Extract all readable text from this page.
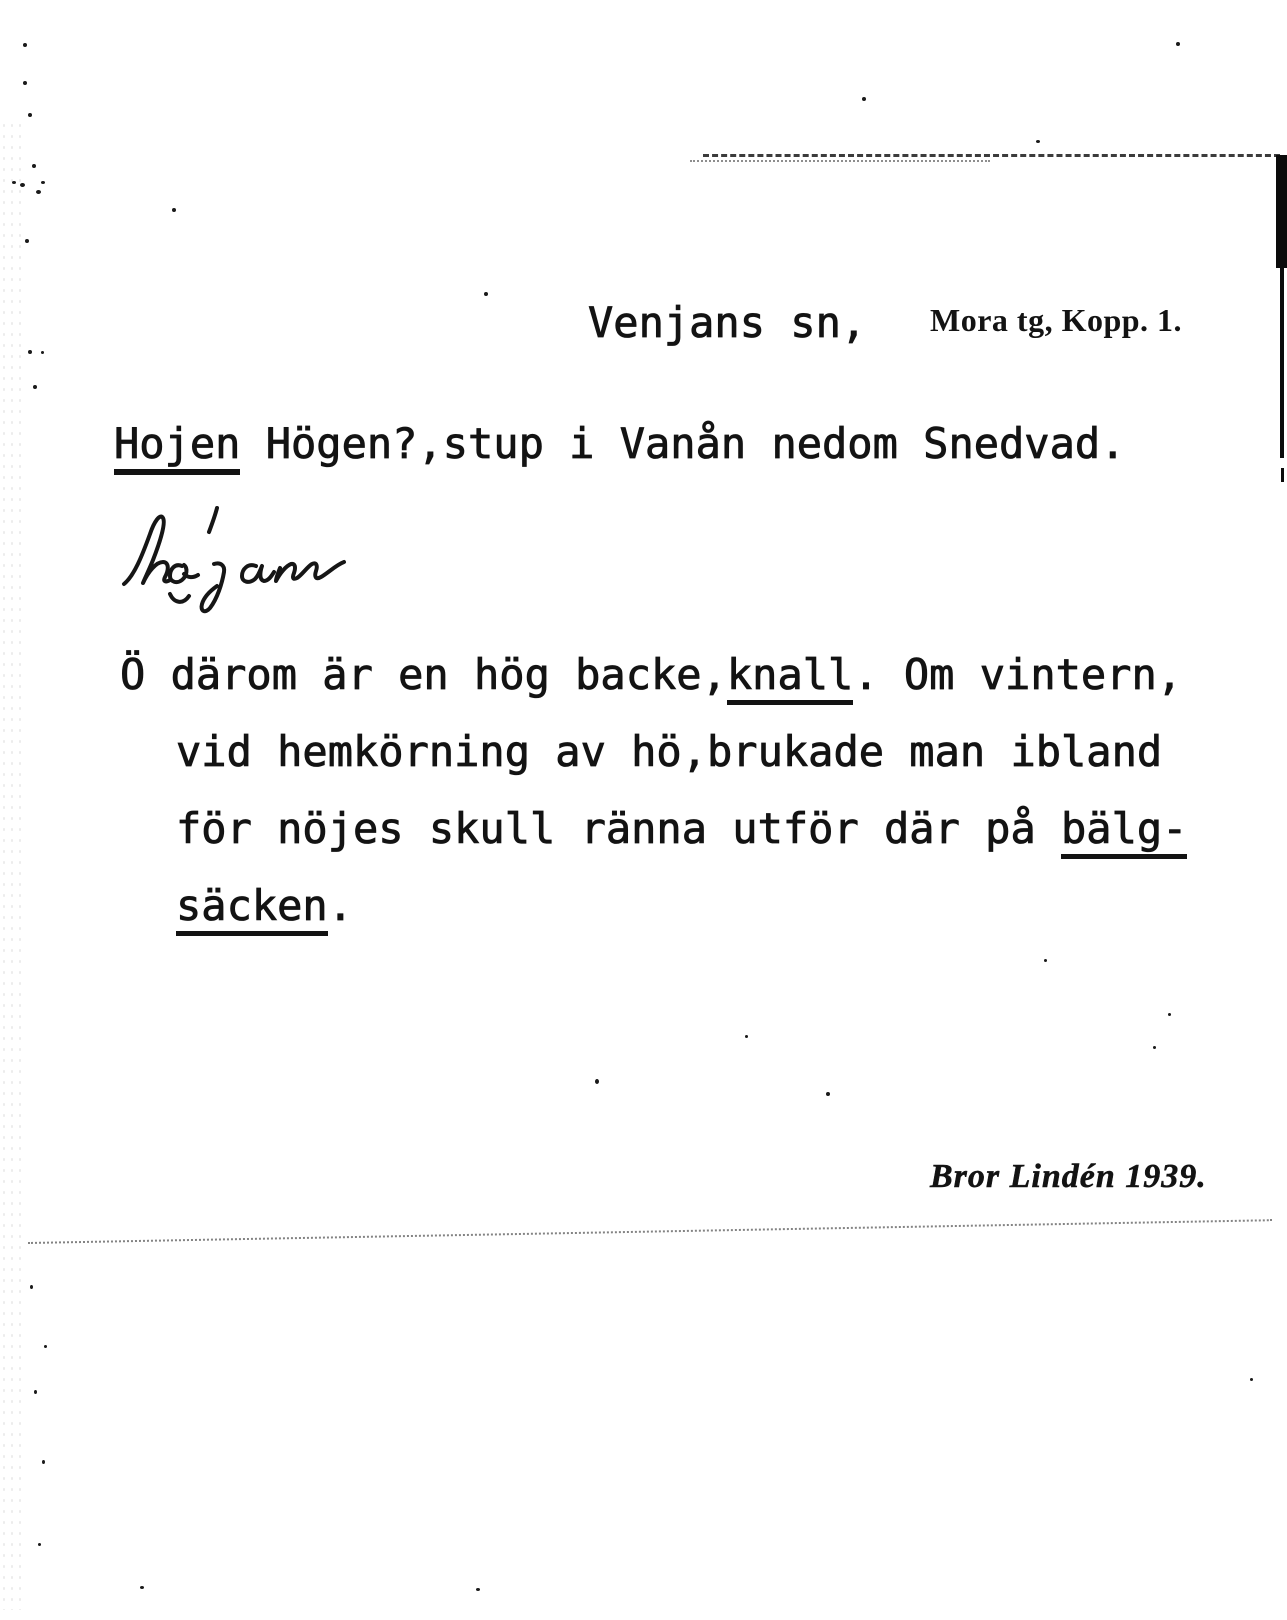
Venjans sn, Mora tg, Kopp. 1.
Hojen Högen?,stup i Vanån nedom Snedvad.
Ö därom är en hög backe,knall. Om vintern,
vid hemkörning av hö,brukade man ibland
för nöjes skull ränna utför där på bälg-
säcken.
Bror Lindén 1939.
